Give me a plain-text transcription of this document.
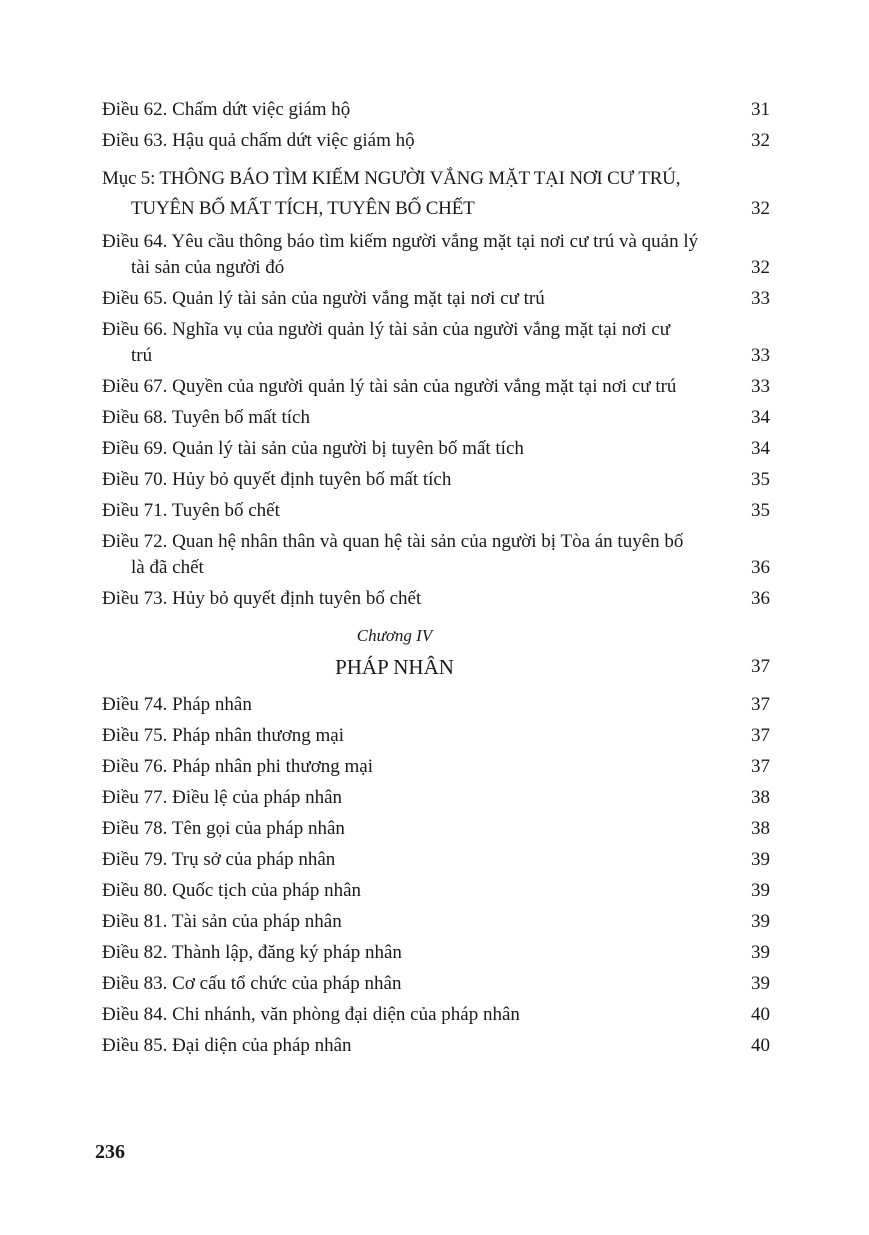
Điều 62. Chấm dứt việc giám hộ	31
Điều 63. Hậu quả chấm dứt việc giám hộ	32
Mục 5: THÔNG BÁO TÌM KIẾM NGƯỜI VẮNG MẶT TẠI NƠI CƯ TRÚ, TUYÊN BỐ MẤT TÍCH, TUYÊN BỐ CHẾT	32
Điều 64. Yêu cầu thông báo tìm kiếm người vắng mặt tại nơi cư trú và quản lý tài sản của người đó	32
Điều 65. Quản lý tài sản của người vắng mặt tại nơi cư trú	33
Điều 66. Nghĩa vụ của người quản lý tài sản của người vắng mặt tại nơi cư trú	33
Điều 67. Quyền của người quản lý tài sản của người vắng mặt tại nơi cư trú	33
Điều 68. Tuyên bố mất tích	34
Điều 69. Quản lý tài sản của người bị tuyên bố mất tích	34
Điều 70. Hủy bỏ quyết định tuyên bố mất tích	35
Điều 71. Tuyên bố chết	35
Điều 72. Quan hệ nhân thân và quan hệ tài sản của người bị Tòa án tuyên bố là đã chết	36
Điều 73. Hủy bỏ quyết định tuyên bố chết	36
Chương IV
PHÁP NHÂN	37
Điều 74. Pháp nhân	37
Điều 75. Pháp nhân thương mại	37
Điều 76. Pháp nhân phi thương mại	37
Điều 77. Điều lệ của pháp nhân	38
Điều 78. Tên gọi của pháp nhân	38
Điều 79. Trụ sở của pháp nhân	39
Điều 80. Quốc tịch của pháp nhân	39
Điều 81. Tài sản của pháp nhân	39
Điều 82. Thành lập, đăng ký pháp nhân	39
Điều 83. Cơ cấu tổ chức của pháp nhân	39
Điều 84. Chi nhánh, văn phòng đại diện của pháp nhân	40
Điều 85. Đại diện của pháp nhân	40
236
